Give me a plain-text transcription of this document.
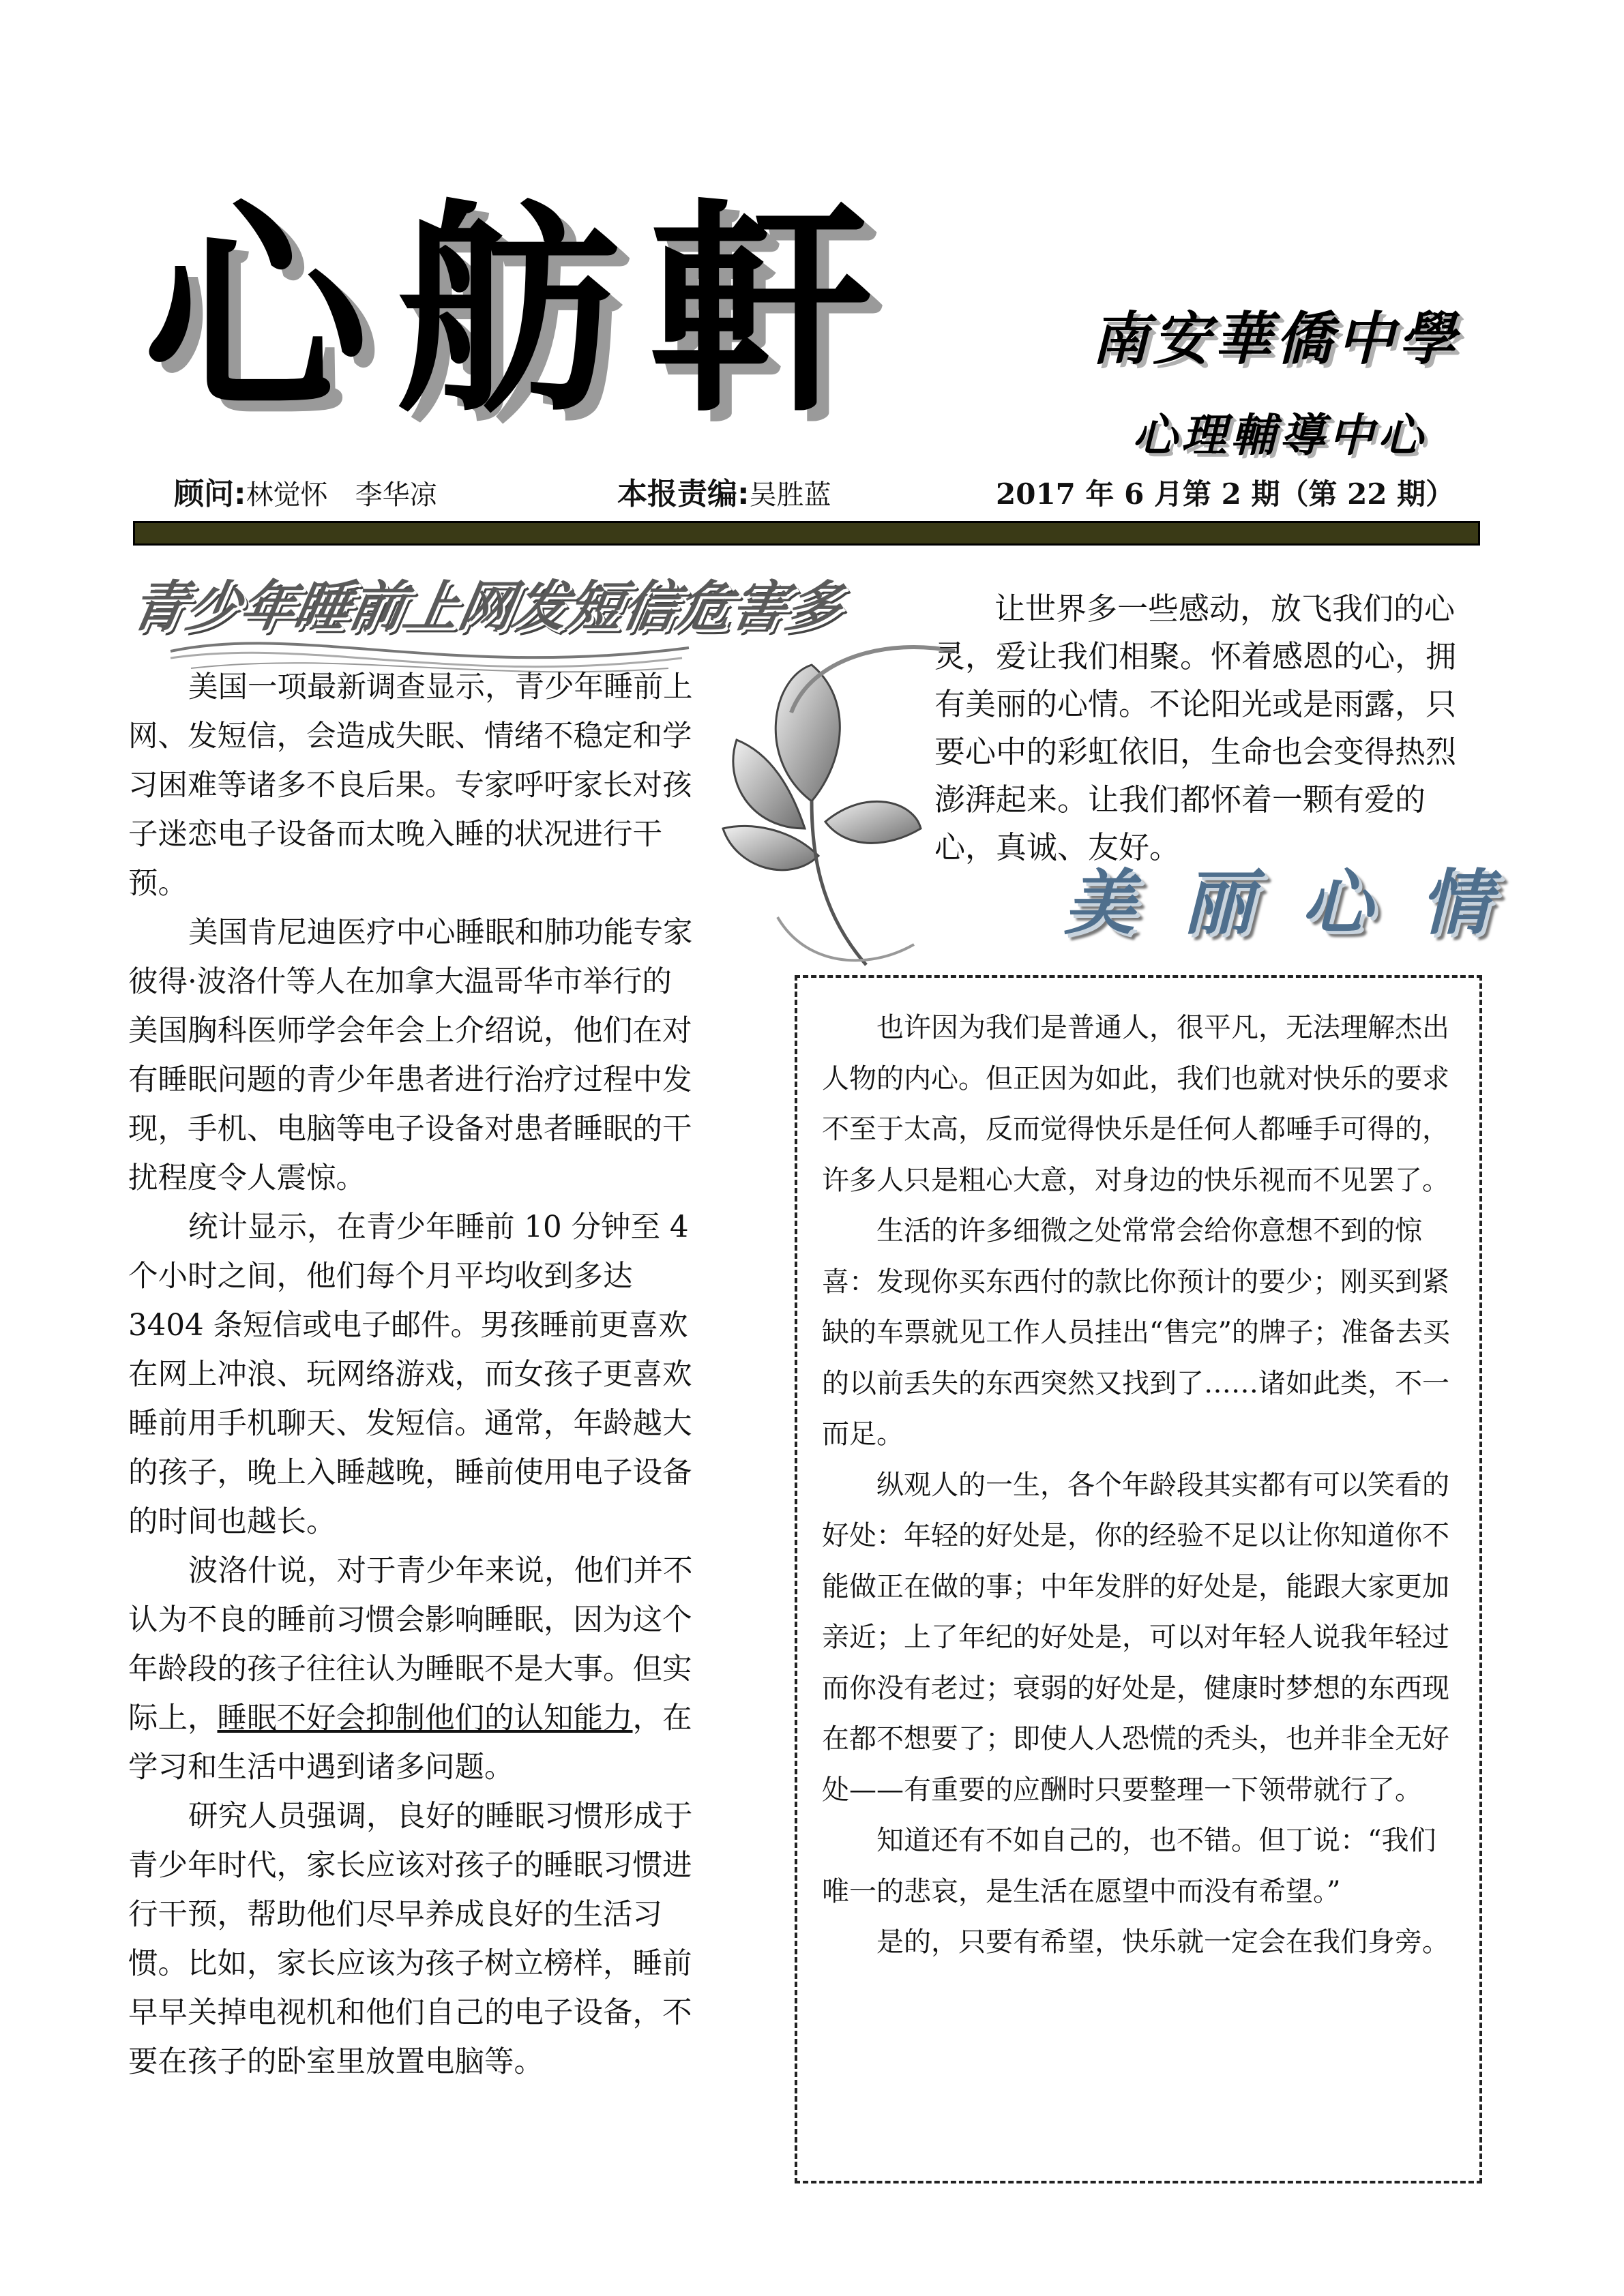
心舫軒	南安華僑中學
心理輔導中心
顾问:林觉怀　李华凉	本报责编:吴胜蓝	2017 年 6 月第 2 期（第 22 期）
青少年睡前上网发短信危害多

美国一项最新调查显示，青少年睡前上网、发短信，会造成失眠、情绪不稳定和学习困难等诸多不良后果。专家呼吁家长对孩子迷恋电子设备而太晚入睡的状况进行干预。

美国肯尼迪医疗中心睡眠和肺功能专家彼得·波洛什等人在加拿大温哥华市举行的美国胸科医师学会年会上介绍说，他们在对有睡眠问题的青少年患者进行治疗过程中发现，手机、电脑等电子设备对患者睡眠的干扰程度令人震惊。

统计显示，在青少年睡前 10 分钟至 4 个小时之间，他们每个月平均收到多达 3404 条短信或电子邮件。男孩睡前更喜欢在网上冲浪、玩网络游戏，而女孩子更喜欢睡前用手机聊天、发短信。通常，年龄越大的孩子，晚上入睡越晚，睡前使用电子设备的时间也越长。

波洛什说，对于青少年来说，他们并不认为不良的睡前习惯会影响睡眠，因为这个年龄段的孩子往往认为睡眠不是大事。但实际上，睡眠不好会抑制他们的认知能力，在学习和生活中遇到诸多问题。

研究人员强调，良好的睡眠习惯形成于青少年时代，家长应该对孩子的睡眠习惯进行干预，帮助他们尽早养成良好的生活习惯。比如，家长应该为孩子树立榜样，睡前早早关掉电视机和他们自己的电子设备，不要在孩子的卧室里放置电脑等。

让世界多一些感动，放飞我们的心灵，爱让我们相聚。怀着感恩的心，拥有美丽的心情。不论阳光或是雨露，只要心中的彩虹依旧，生命也会变得热烈澎湃起来。让我们都怀着一颗有爱的心，真诚、友好。

美丽心情

也许因为我们是普通人，很平凡，无法理解杰出人物的内心。但正因为如此，我们也就对快乐的要求不至于太高，反而觉得快乐是任何人都唾手可得的，许多人只是粗心大意，对身边的快乐视而不见罢了。

生活的许多细微之处常常会给你意想不到的惊喜：发现你买东西付的款比你预计的要少；刚买到紧缺的车票就见工作人员挂出“售完”的牌子；准备去买的以前丢失的东西突然又找到了……诸如此类，不一而足。

纵观人的一生，各个年龄段其实都有可以笑看的好处：年轻的好处是，你的经验不足以让你知道你不能做正在做的事；中年发胖的好处是，能跟大家更加亲近；上了年纪的好处是，可以对年轻人说我年轻过而你没有老过；衰弱的好处是，健康时梦想的东西现在都不想要了；即使人人恐慌的秃头，也并非全无好处——有重要的应酬时只要整理一下领带就行了。

知道还有不如自己的，也不错。但丁说：“我们唯一的悲哀，是生活在愿望中而没有希望。”

是的，只要有希望，快乐就一定会在我们身旁。
